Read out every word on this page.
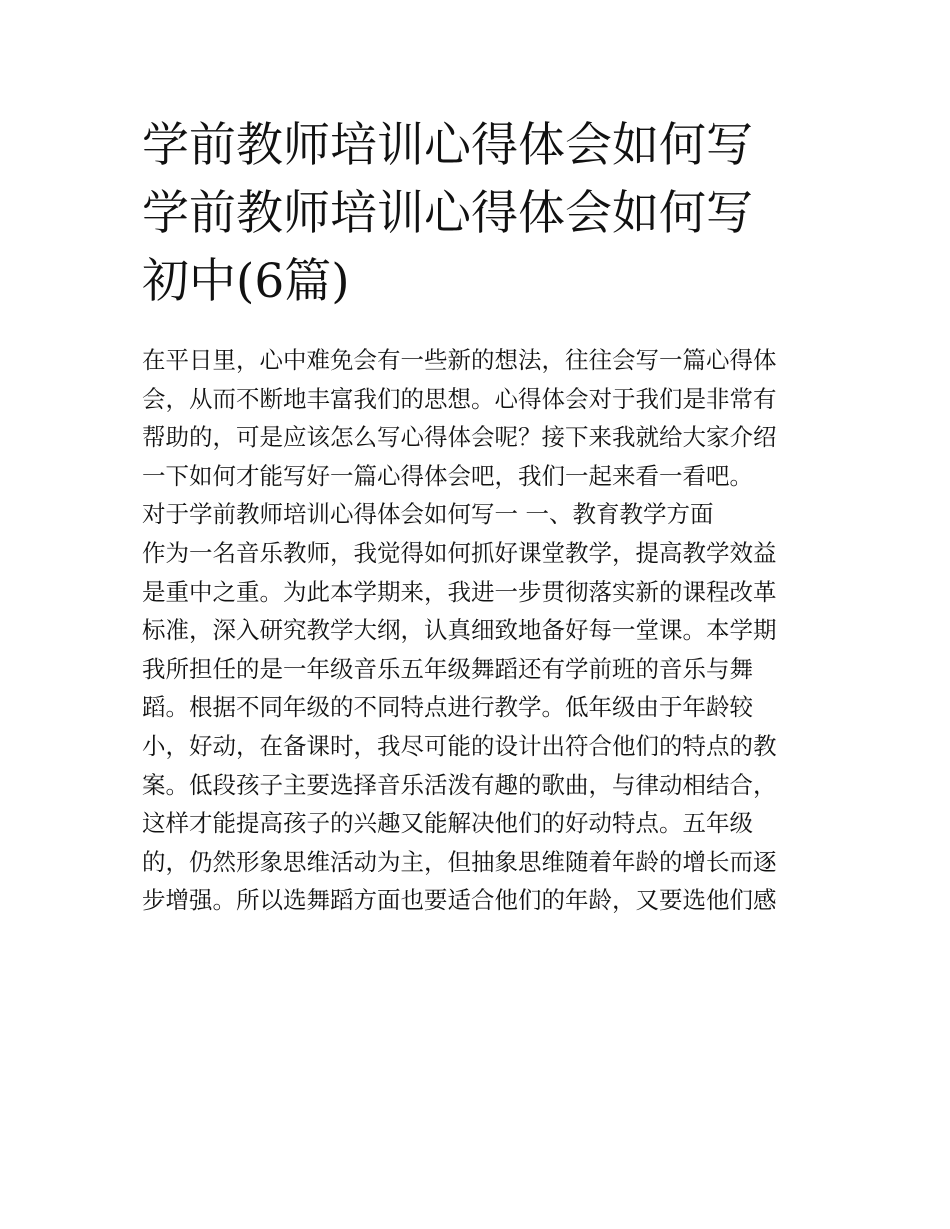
学前教师培训心得体会如何写
学前教师培训心得体会如何写
初中(6篇)

在平日里，心中难免会有一些新的想法，往往会写一篇心得体
会，从而不断地丰富我们的思想。心得体会对于我们是非常有
帮助的，可是应该怎么写心得体会呢？接下来我就给大家介绍
一下如何才能写好一篇心得体会吧，我们一起来看一看吧。

对于学前教师培训心得体会如何写一 一、教育教学方面

作为一名音乐教师，我觉得如何抓好课堂教学，提高教学效益
是重中之重。为此本学期来，我进一步贯彻落实新的课程改革
标准，深入研究教学大纲，认真细致地备好每一堂课。本学期
我所担任的是一年级音乐五年级舞蹈还有学前班的音乐与舞
蹈。根据不同年级的不同特点进行教学。低年级由于年龄较
小，好动，在备课时，我尽可能的设计出符合他们的特点的教
案。低段孩子主要选择音乐活泼有趣的歌曲，与律动相结合，
这样才能提高孩子的兴趣又能解决他们的好动特点。五年级
的，仍然形象思维活动为主，但抽象思维随着年龄的增长而逐
步增强。所以选舞蹈方面也要适合他们的年龄，又要选他们感
